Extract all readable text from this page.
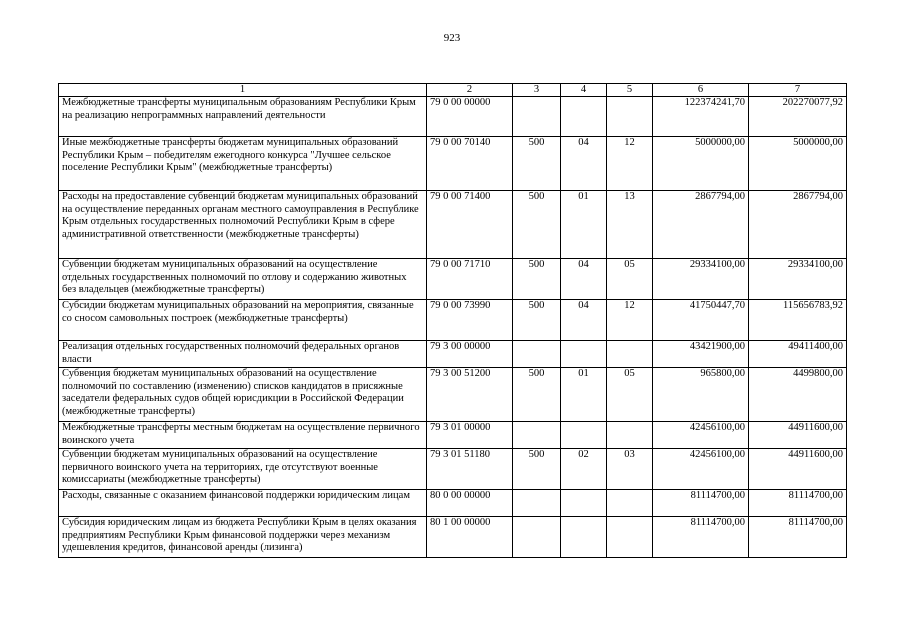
923
1	2	3	4	5	6	7
Межбюджетные трансферты муниципальным образованиям Республики Крым на реализацию непрограммных направлений деятельности	79 0 00 00000				122374241,70	202270077,92
Иные межбюджетные трансферты бюджетам муниципальных образований Республики Крым – победителям ежегодного конкурса "Лучшее сельское поселение Республики Крым" (межбюджетные трансферты)	79 0 00 70140	500	04	12	5000000,00	5000000,00
Расходы на предоставление субвенций бюджетам муниципальных образований на осуществление переданных органам местного самоуправления в Республике Крым отдельных государственных полномочий Республики Крым в сфере административной ответственности (межбюджетные трансферты)	79 0 00 71400	500	01	13	2867794,00	2867794,00
Субвенции бюджетам муниципальных образований на осуществление отдельных государственных полномочий по отлову и содержанию животных без владельцев (межбюджетные трансферты)	79 0 00 71710	500	04	05	29334100,00	29334100,00
Субсидии бюджетам муниципальных образований на мероприятия, связанные со сносом самовольных построек (межбюджетные трансферты)	79 0 00 73990	500	04	12	41750447,70	115656783,92
Реализация отдельных государственных полномочий федеральных органов власти	79 3 00 00000				43421900,00	49411400,00
Субвенция бюджетам муниципальных образований на осуществление полномочий по составлению (изменению) списков кандидатов в присяжные заседатели федеральных судов общей юрисдикции в Российской Федерации (межбюджетные трансферты)	79 3 00 51200	500	01	05	965800,00	4499800,00
Межбюджетные трансферты местным бюджетам на осуществление первичного воинского учета	79 3 01 00000				42456100,00	44911600,00
Субвенции бюджетам муниципальных образований на осуществление первичного воинского учета на территориях, где отсутствуют военные комиссариаты (межбюджетные трансферты)	79 3 01 51180	500	02	03	42456100,00	44911600,00
Расходы, связанные с оказанием финансовой поддержки юридическим лицам	80 0 00 00000				81114700,00	81114700,00
Субсидия юридическим лицам из бюджета Республики Крым в целях оказания предприятиям Республики Крым финансовой поддержки через механизм удешевления кредитов, финансовой аренды (лизинга)	80 1 00 00000				81114700,00	81114700,00
